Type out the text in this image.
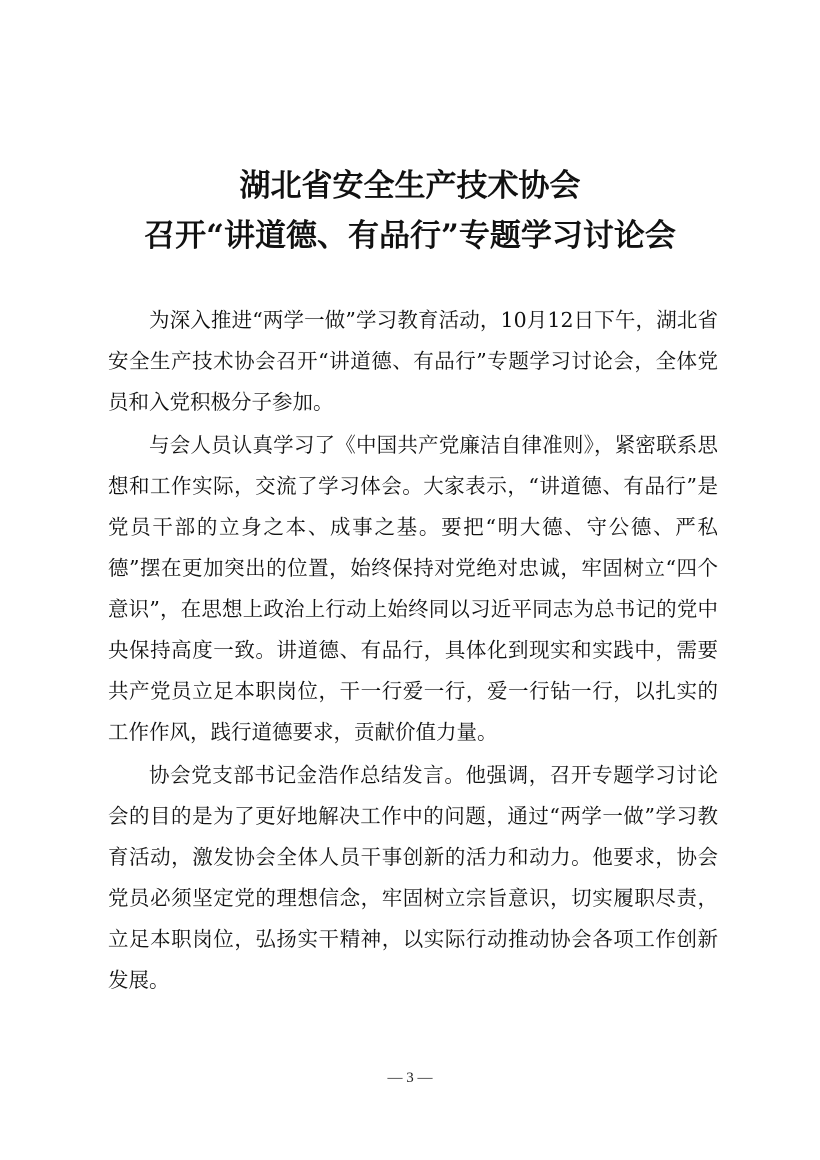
湖北省安全生产技术协会
召开“讲道德、有品行”专题学习讨论会

为深入推进“两学一做”学习教育活动，10月12日下午，湖北省安全生产技术协会召开“讲道德、有品行”专题学习讨论会，全体党员和入党积极分子参加。

与会人员认真学习了《中国共产党廉洁自律准则》，紧密联系思想和工作实际，交流了学习体会。大家表示，“讲道德、有品行”是党员干部的立身之本、成事之基。要把“明大德、守公德、严私德”摆在更加突出的位置，始终保持对党绝对忠诚，牢固树立“四个意识”，在思想上政治上行动上始终同以习近平同志为总书记的党中央保持高度一致。讲道德、有品行，具体化到现实和实践中，需要共产党员立足本职岗位，干一行爱一行，爱一行钻一行，以扎实的工作作风，践行道德要求，贡献价值力量。

协会党支部书记金浩作总结发言。他强调，召开专题学习讨论会的目的是为了更好地解决工作中的问题，通过“两学一做”学习教育活动，激发协会全体人员干事创新的活力和动力。他要求，协会党员必须坚定党的理想信念，牢固树立宗旨意识，切实履职尽责，立足本职岗位，弘扬实干精神，以实际行动推动协会各项工作创新发展。

— 3 —
